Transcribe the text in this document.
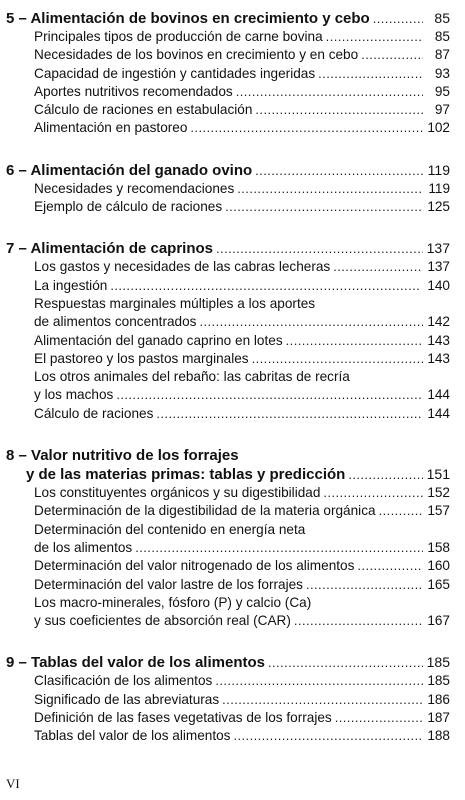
5 – Alimentación de bovinos en crecimiento y cebo . . .	85
Principales tipos de producción de carne bovina . . .	85
Necesidades de los bovinos en crecimiento y en cebo . . .	87
Capacidad de ingestión y cantidades ingeridas . . .	93
Aportes nutritivos recomendados . . .	95
Cálculo de raciones en estabulación . . .	97
Alimentación en pastoreo . . .	102
6 – Alimentación del ganado ovino . . .	119
Necesidades y recomendaciones . . .	119
Ejemplo de cálculo de raciones . . .	125
7 – Alimentación de caprinos . . .	137
Los gastos y necesidades de las cabras lecheras . . .	137
La ingestión . . .	140
Respuestas marginales múltiples a los aportes
de alimentos concentrados . . .	142
Alimentación del ganado caprino en lotes . . .	143
El pastoreo y los pastos marginales . . .	143
Los otros animales del rebaño: las cabritas de recría
y los machos . . .	144
Cálculo de raciones . . .	144
8 – Valor nutritivo de los forrajes
y de las materias primas: tablas y predicción . . .	151
Los constituyentes orgánicos y su digestibilidad . . .	152
Determinación de la digestibilidad de la materia orgánica . . .	157
Determinación del contenido en energía neta
de los alimentos . . .	158
Determinación del valor nitrogenado de los alimentos . . .	160
Determinación del valor lastre de los forrajes . . .	165
Los macro-minerales, fósforo (P) y calcio (Ca)
y sus coeficientes de absorción real (CAR) . . .	167
9 – Tablas del valor de los alimentos . . .	185
Clasificación de los alimentos . . .	185
Significado de las abreviaturas . . .	186
Definición de las fases vegetativas de los forrajes . . .	187
Tablas del valor de los alimentos . . .	188
VI
